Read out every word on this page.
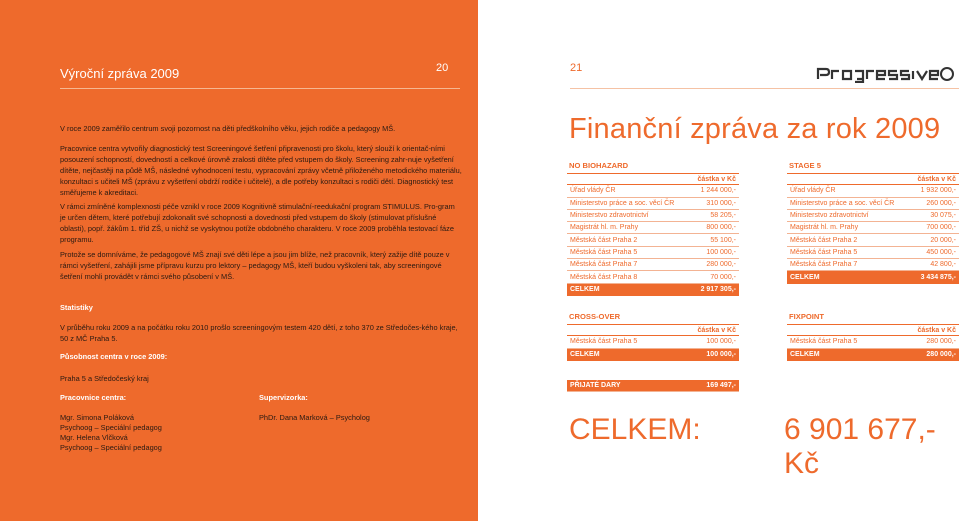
Výroční zpráva 2009	20
V roce 2009 zaměřilo centrum svoji pozornost na děti předškolního věku, jejich rodiče a pedagogy MŠ.
Pracovnice centra vytvořily diagnostický test Screeningové šetření připravenosti pro školu, který slouží k orientač-ními posouzení schopností, dovedností a celkové úrovně zralosti dítěte před vstupem do školy. Screening zahr-nuje vyšetření dítěte, nejčastěji na půdě MŠ, následné vyhodnocení testu, vypracování zprávy včetně přiloženého metodického materiálu, konzultaci s učiteli MŠ (zprávu z vyšetření obdrží rodiče i učitelé), a dle potřeby konzultaci s rodiči dětí. Diagnostický test směřujeme k akreditaci.
V rámci zmíněné komplexnosti péče vznikl v roce 2009 Kognitivně stimulační-reedukační program STIMULUS. Pro-gram je určen dětem, které potřebují zdokonalit své schopnosti a dovednosti před vstupem do školy (stimulovat příslušné oblasti), popř. žákům 1. tříd ZŠ, u nichž se vyskytnou potíže obdobného charakteru. V roce 2009 proběhla testovací fáze programu.
Protože se domníváme, že pedagogové MŠ znají své děti lépe a jsou jim blíže, než pracovník, který zažije dítě pouze v rámci vyšetření, zahájili jsme přípravu kurzu pro lektory – pedagogy MŠ, kteří budou vyškoleni tak, aby screeningové šetření mohli provádět v rámci svého působení v MŠ.
Statistiky
V průběhu roku 2009 a na počátku roku 2010 prošlo screeningovým testem 420 dětí, z toho 370 ze Středočes-kého kraje, 50 z MČ Praha 5.
Působnost centra v roce 2009:
Praha 5 a Středočeský kraj
Pracovnice centra:
Mgr. Simona Poláková
Psychoog – Speciální pedagog
Mgr. Helena Vlčková
Psychoog – Speciální pedagog
Supervizorka:
PhDr. Dana Marková – Psycholog
21
Finanční zpráva za rok 2009
NO BIOHAZARD
částka v Kč
Úřad vlády ČR	1 244 000,-
Ministerstvo práce a soc. věcí ČR	310 000,-
Ministerstvo zdravotnictví	58 205,-
Magistrát hl. m. Prahy	800 000,-
Městská část Praha 2	55 100,-
Městská část Praha 5	100 000,-
Městská část Praha 7	280 000,-
Městská část Praha 8	70 000,-
CELKEM	2 917 305,-
STAGE 5
částka v Kč
Úřad vlády ČR	1 932 000,-
Ministerstvo práce a soc. věcí ČR	260 000,-
Ministerstvo zdravotnictví	30 075,-
Magistrát hl. m. Prahy	700 000,-
Městská část Praha 2	20 000,-
Městská část Praha 5	450 000,-
Městská část Praha 7	42 800,-
CELKEM	3 434 875,-
CROSS-OVER
částka v Kč
Městská část Praha 5	100 000,-
CELKEM	100 000,-
FIXPOINT
částka v Kč
Městská část Praha 5	280 000,-
CELKEM	280 000,-
PŘIJATÉ DARY	169 497,-
CELKEM:	6 901 677,- Kč
